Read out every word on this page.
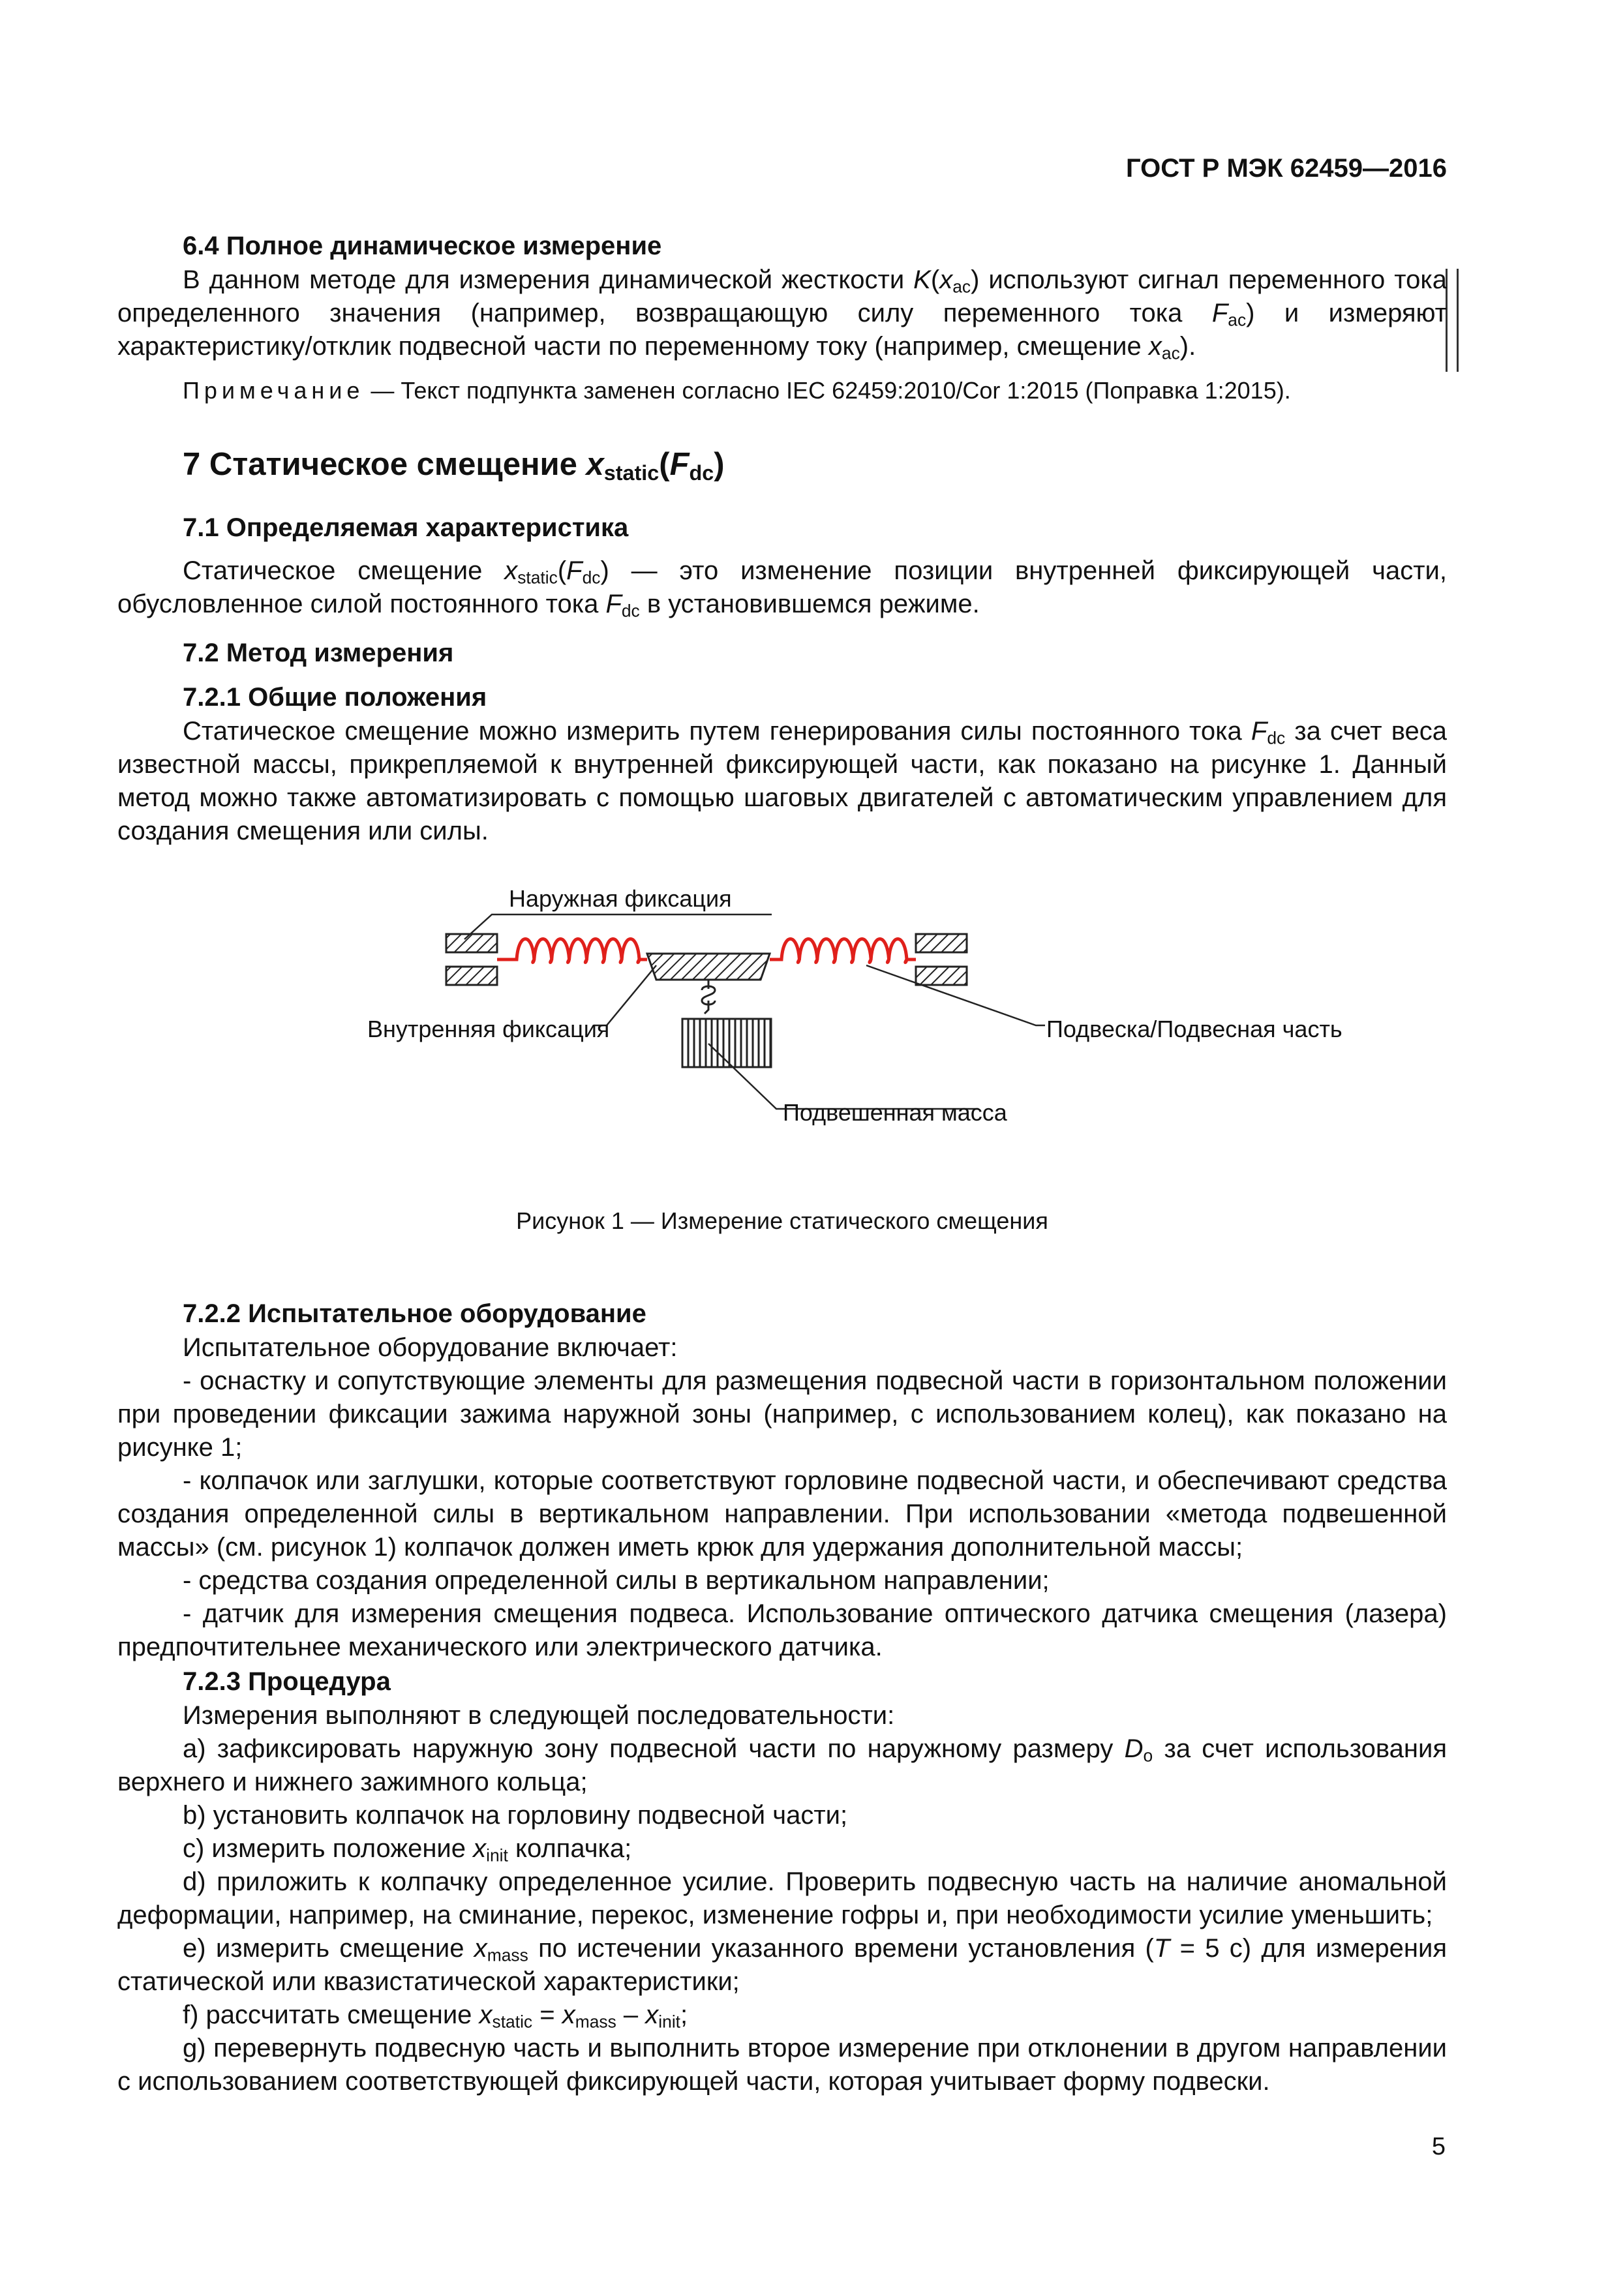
ГОСТ Р МЭК 62459—2016
6.4 Полное динамическое измерение

В данном методе для измерения динамической жесткости $K(x_{ac})$ используют сигнал переменного тока определенного значения (например, возвращающую силу переменного тока $F_{ac}$) и измеряют характеристику/отклик подвесной части по переменному току (например, смещение $x_{ac}$).

Примечание — Текст подпункта заменен согласно IEC 62459:2010/Cor 1:2015 (Поправка 1:2015).

7 Статическое смещение $x_{static}(F_{dc})$
7.1 Определяемая характеристика

Статическое смещение $x_{static}(F_{dc})$ — это изменение позиции внутренней фиксирующей части, обусловленное силой постоянного тока $F_{dc}$ в установившемся режиме.

7.2 Метод измерения
7.2.1 Общие положения

Статическое смещение можно измерить путем генерирования силы постоянного тока $F_{dc}$ за счет веса известной массы, прикрепляемой к внутренней фиксирующей части, как показано на рисунке 1. Данный метод можно также автоматизировать с помощью шаговых двигателей с автоматическим управлением для создания смещения или силы.

Наружная фиксация
Внутренняя фиксация	Подвеска/Подвесная часть
Подвешенная масса
Рисунок 1 — Измерение статического смещения
7.2.2 Испытательное оборудование

Испытательное оборудование включает:

- оснастку и сопутствующие элементы для размещения подвесной части в горизонтальном положении при проведении фиксации зажима наружной зоны (например, с использованием колец), как показано на рисунке 1;

- колпачок или заглушки, которые соответствуют горловине подвесной части, и обеспечивают средства создания определенной силы в вертикальном направлении. При использовании «метода подвешенной массы» (см. рисунок 1) колпачок должен иметь крюк для удержания дополнительной массы;

- средства создания определенной силы в вертикальном направлении;

- датчик для измерения смещения подвеса. Использование оптического датчика смещения (лазера) предпочтительнее механического или электрического датчика.

7.2.3 Процедура

Измерения выполняют в следующей последовательности:

a) зафиксировать наружную зону подвесной части по наружному размеру $D_o$ за счет использования верхнего и нижнего зажимного кольца;

b) установить колпачок на горловину подвесной части;

c) измерить положение $x_{init}$ колпачка;

d) приложить к колпачку определенное усилие. Проверить подвесную часть на наличие аномальной деформации, например, на сминание, перекос, изменение гофры и, при необходимости усилие уменьшить;

e) измерить смещение $x_{mass}$ по истечении указанного времени установления (T = 5 с) для измерения статической или квазистатической характеристики;

f) рассчитать смещение $x_{static} = x_{mass} - x_{init}$;

g) перевернуть подвесную часть и выполнить второе измерение при отклонении в другом направлении с использованием соответствующей фиксирующей части, которая учитывает форму подвески.

5
